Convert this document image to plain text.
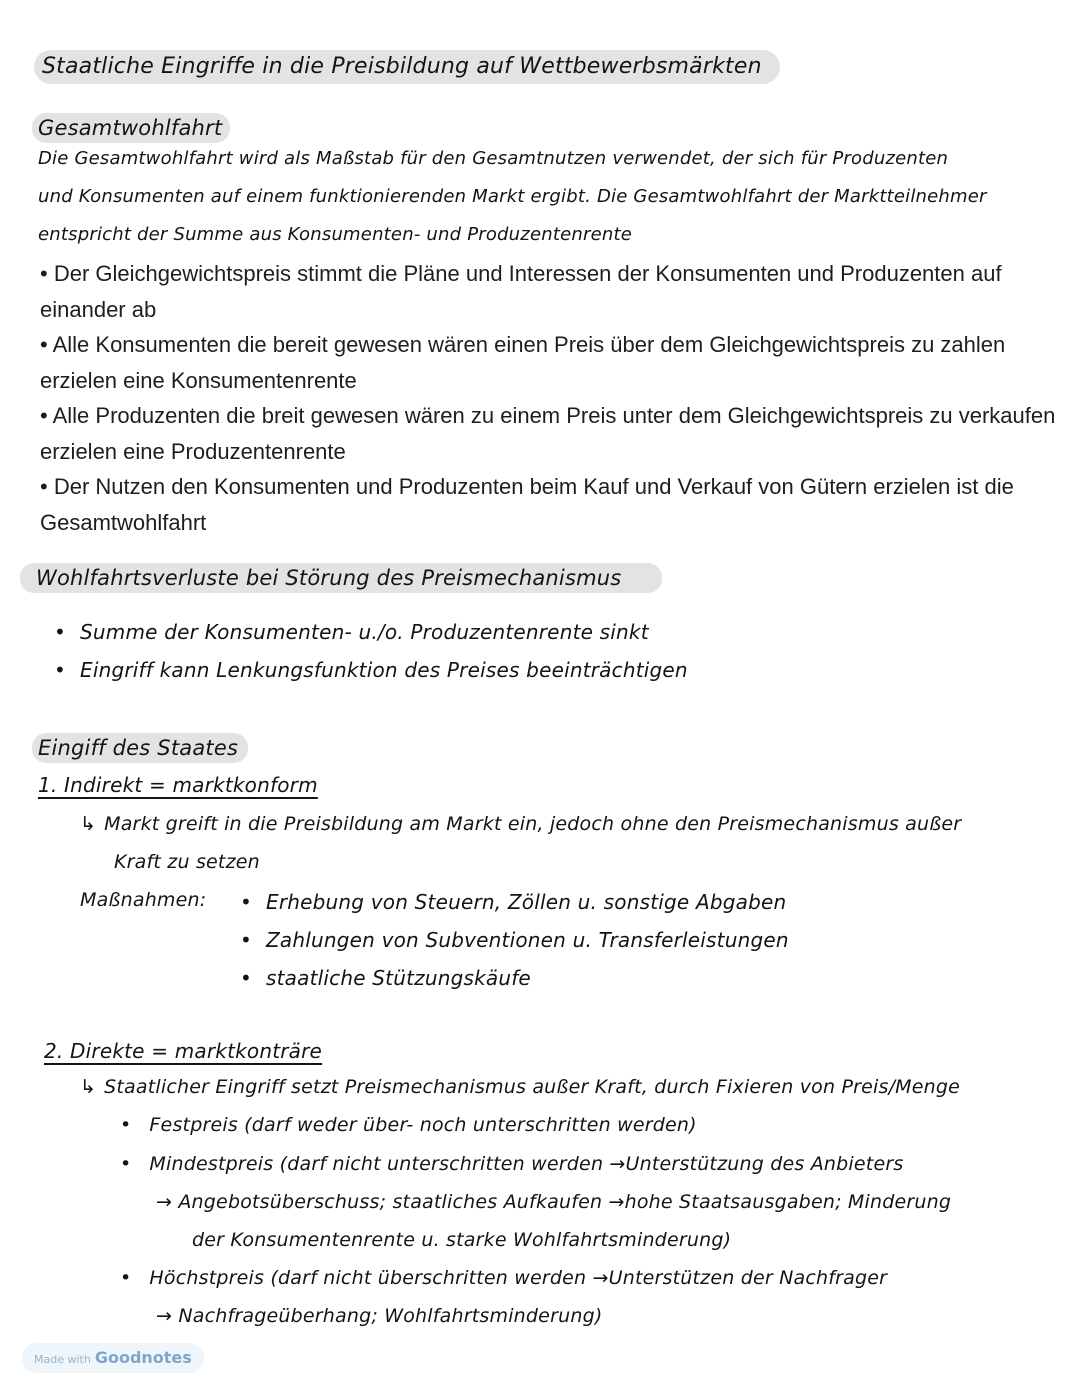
Staatliche Eingriffe in die Preisbildung auf Wettbewerbsmärkten
Gesamtwohlfahrt
Die Gesamtwohlfahrt wird als Maßstab für den Gesamtnutzen verwendet, der sich für Produzenten
und Konsumenten auf einem funktionierenden Markt ergibt. Die Gesamtwohlfahrt der Marktteilnehmer
entspricht der Summe aus Konsumenten- und Produzentenrente
• Der Gleichgewichtspreis stimmt die Pläne und Interessen der Konsumenten und Produzenten auf einander ab
• Alle Konsumenten die bereit gewesen wären einen Preis über dem Gleichgewichtspreis zu zahlen erzielen eine Konsumentenrente
• Alle Produzenten die breit gewesen wären zu einem Preis unter dem Gleichgewichtspreis zu verkaufen erzielen eine Produzentenrente
• Der Nutzen den Konsumenten und Produzenten beim Kauf und Verkauf von Gütern erzielen ist die Gesamtwohlfahrt
Wohlfahrtsverluste bei Störung des Preismechanismus
• Summe der Konsumenten- u./o. Produzentenrente sinkt
• Eingriff kann Lenkungsfunktion des Preises beeinträchtigen
Eingiff des Staates
1. Indirekt = marktkonform
↳ Markt greift in die Preisbildung am Markt ein, jedoch ohne den Preismechanismus außer
Kraft zu setzen
Maßnahmen: • Erhebung von Steuern, Zöllen u. sonstige Abgaben
• Zahlungen von Subventionen u. Transferleistungen
• staatliche Stützungskäufe
2. Direkte = marktkonträre
↳ Staatlicher Eingriff setzt Preismechanismus außer Kraft, durch Fixieren von Preis/Menge
• Festpreis (darf weder über- noch unterschritten werden)
• Mindestpreis (darf nicht unterschritten werden →Unterstützung des Anbieters
→ Angebotsüberschuss; staatliches Aufkaufen →hohe Staatsausgaben; Minderung
der Konsumentenrente u. starke Wohlfahrtsminderung)
• Höchstpreis (darf nicht überschritten werden →Unterstützen der Nachfrager
→ Nachfrageüberhang; Wohlfahrtsminderung)
Made with Goodnotes
